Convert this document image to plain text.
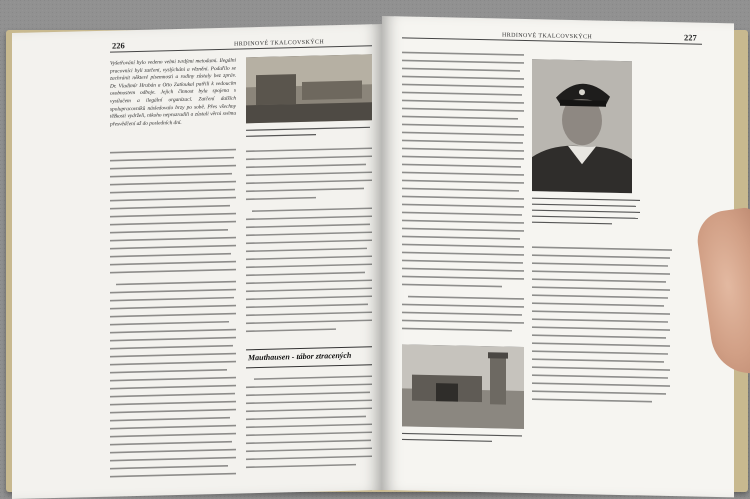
226	HRDINOVÉ TKALCOVSKÝCH
Vyšetřování bylo vedeno velmi tvrdými metodami. Ilegální pracovníci byli zatčeni, vyslýcháni a vězněni. Podařilo se zachránit některé písemnosti a rodiny zůstaly bez zpráv. Dr. Vladimír Hrubán a Otto Zatloukal patřili k vedoucím osobnostem odboje. Jejich činnost byla spojena s vysílačem a ilegální organizací. Zatčení dalších spolupracovníků následovalo brzy po sobě. Přes všechny těžkosti vydrželi, nikoho neprozradili a zůstali věrni svému přesvědčení až do posledních dní.
Mauthausen - tábor ztracených
HRDINOVÉ TKALCOVSKÝCH	227
